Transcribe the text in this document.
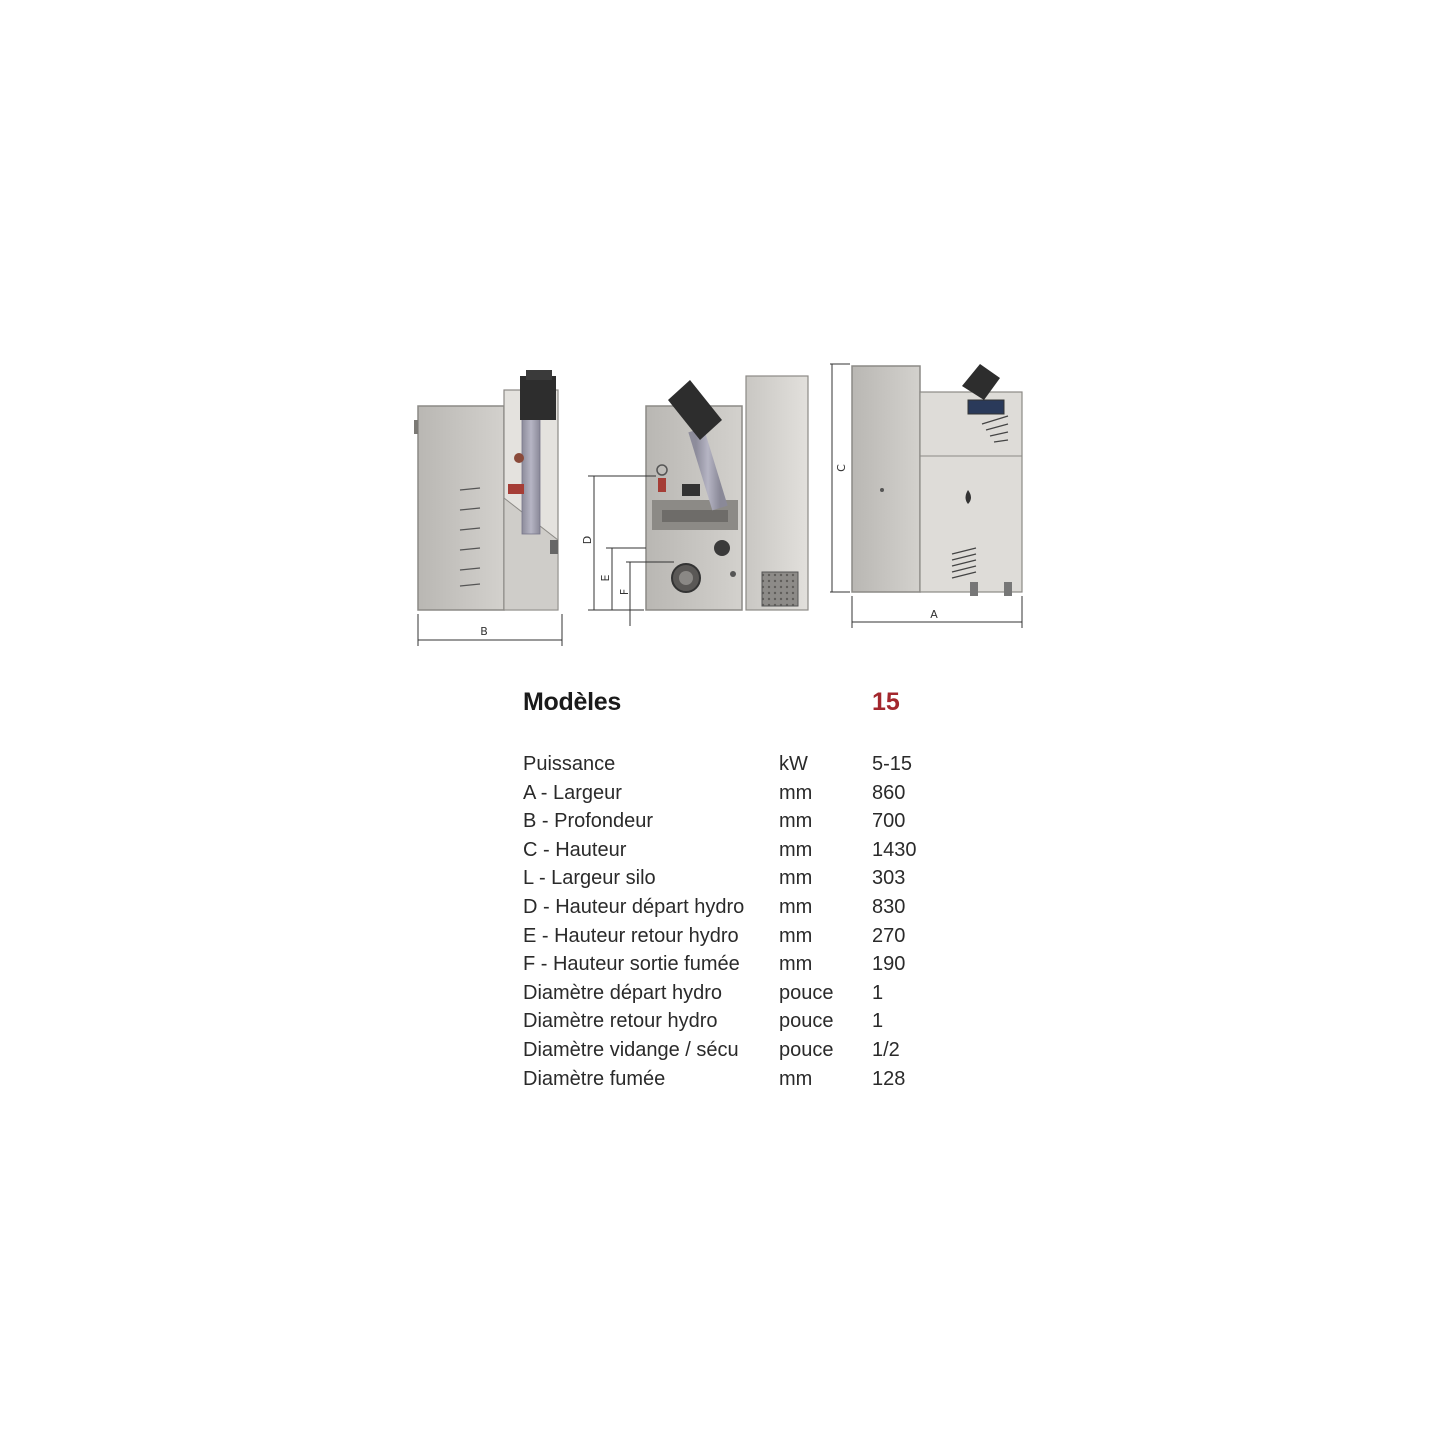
B
A
C
D
E
F
Modèles	15
Puissance	kW	5-15
A - Largeur	mm	860
B - Profondeur	mm	700
C - Hauteur	mm	1430
L - Largeur silo	mm	303
D - Hauteur départ hydro mm	830
E - Hauteur retour hydro mm	270
F - Hauteur sortie fumée mm	190
Diamètre départ hydro	pouce 1
Diamètre retour hydro	pouce 1
Diamètre vidange / sécu pouce 1/2
Diamètre fumée	mm	128
